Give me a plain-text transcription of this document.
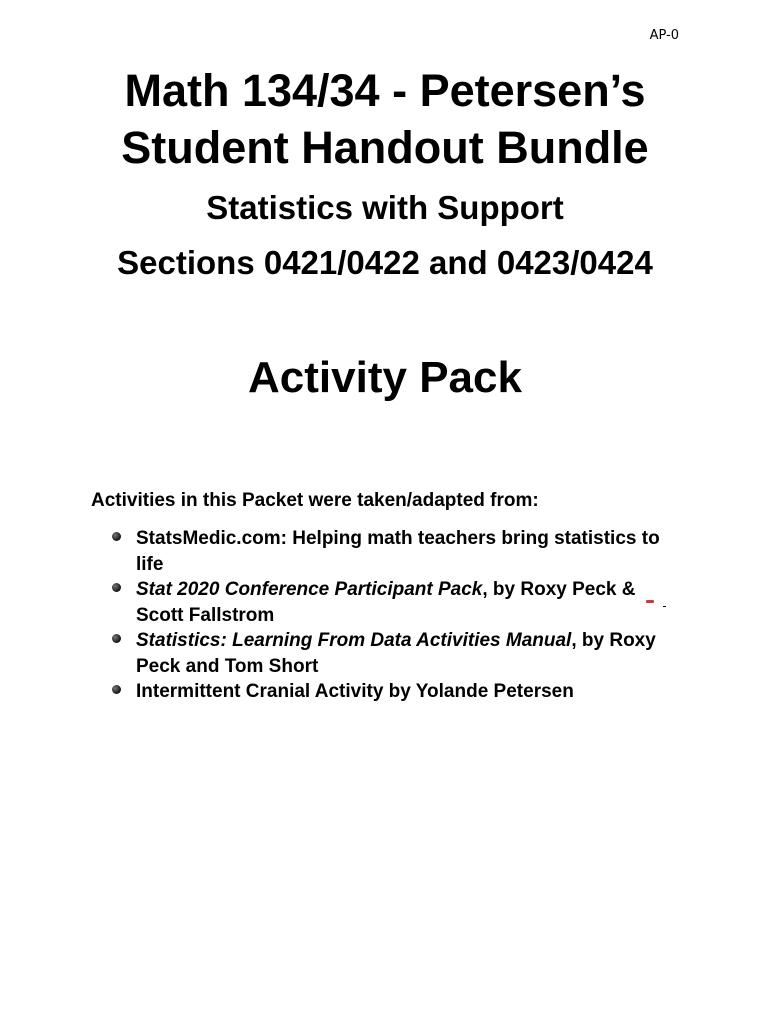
AP-0

Math 134/34 - Petersen’s

Student Handout Bundle

Statistics with Support

Sections 0421/0422 and 0423/0424

Activity Pack

Activities in this Packet were taken/adapted from:

StatsMedic.com: Helping math teachers bring statistics to life
Stat 2020 Conference Participant Pack, by Roxy Peck & Scott Fallstrom
Statistics: Learning From Data Activities Manual, by Roxy Peck and Tom Short
Intermittent Cranial Activity by Yolande Petersen
